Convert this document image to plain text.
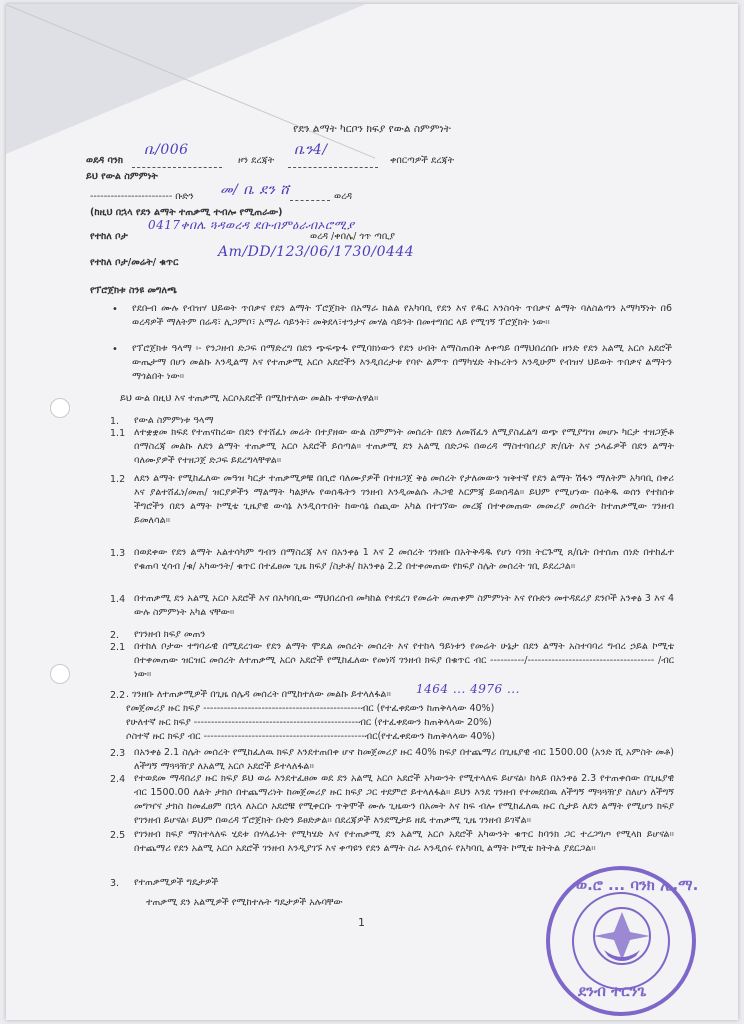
የደን ልማት ካርቦን ክፍያ የውል ስምምነት
ወደዳ ባንክ
ቤ/006
ዞን ደረጃት
ቤን4/
ቀበርጣዎች ደረጃት
ይህ የውል ስምምነት
------------------------ ቡድን መ/ ቤ ደን ሸ	ወረዳ
(ከዚህ በኋላ የደን ልማት ተጠቃሚ ተብሎ የሚጠራው)
የተከለ ቦታ
0417ቀበሌ ጓዳወረዳ ደቡብምዕራብኦሮሚያ
ወረዳ /ቀበሌ/ ጎጥ ጣቢያ
የተከለ ቦታ/መሬት/ ቁጥር
Am/DD/123/06/1730/0444
የፕሮጀክቱ ስንዩ መግለጫ
• የደቡብ ሙሉ የብዝሃ ህይወት ጥበቃና የደን ልማት ፕሮጀክት በአማራ ክልል የአካባቢ የደን እና የዱር እንስሳት ጥበቃና ልማት ባለስልጣን አማካኝነት በ6 ወረዳዎች ማለትም በሬዳ፣ ሊጋምቦ፣ አማራ ሳይንት፣ መቅደላ፣ተንታና መሃል ሳይንት በመተግበር ላይ የሚገኝ ፕሮጀክት ነው።
• የፕሮጀክቱ ዓላማ ፡- የንጋዘብ ድጋፍ በማድረግ በደን ጭፍጭፋ የሚባክነውን የደን ሀብት ለማስጠበቅ ለቀጣይ በማህበረሰቡ ዘንድ የደን አልሚ አርሶ አደሮች ውጤታማ በሆነ መልኩ እንዲልማ እና የተጠቃሚ አርሶ አደሮችን እንዲበረታቱ የባዮ ልምጥ በማካሄድ ትኩረትን እንዲሁም የብዝሃ ህይወት ጥበቃና ልማትን ማጎልበት ነው።
ይህ ውል በዚህ እና ተጠቃሚ አርሶአደሮች በሚከተለው መልኩ ተዋውለዋል።
1. የውል ስምምነቱ ዓላማ
1.1 ለተቋቋመ ክፍደ የተጠናከረው በደን የተሸፈነ መሬት በተያዘው ውል ስምምነት መሰረት በደን ለመሸፈን ለሚያስፈልግ ወጭ የሚያግዝ መሆኑ ካርታ ተዘጋጅቶ በማስረጃ መልኩ ለደን ልማት ተጠቃሚ አርሶ አደሮች ይሰጣል። ተጠቃሚ ደን አልሚ በድጋፍ በወረዳ ማስተባበሪያ ጽ/ቤት እና ኃላፊዎች በደን ልማት ባለሙያዎች የተዘጋጀ ድጋፍ ይደረግላቸዋል።
1.2 ለደን ልማት የሚከፈለው መዓዝ ካርታ ተጠቃሚዎቹ በቢሮ ባለሙያዎች በተዘጋጀ ቅፅ መሰረት የታለመውን ዝቅተኛ የደን ልማት ሽፋን ማለትም አካባቢ በቀሪ እና ያልተሸፈነ/መጠ/ ዝርያዎችን ማልማት ካልቻሉ የወሰዱትን ገንዘብ እንዲመልሱ ሕጋዊ እርምጃ ይወሰዳል። ይህም የሚሆነው በዕቅዱ ወሰን የተከሰቱ ችግሮችን በደን ልማት ኮሚቴ ጊዜያዊ ውሳኔ እንዲሰጥበት ከውሳኔ ሰጪው አካል በተገኘው መረጃ በተቀመጠው መመሪያ መሰረት ከተጠቃሚው ገንዘብ ይመለሳል።
1.3 በወደቀው የደን ልማት አልተሳካም ግብን በማስረጃ እና በአንቀፅ 1 እና 2 መሰረት ገንዘቡ በአትቅዳዱ የሆነ ባንክ ትርጉሚ ጸ/ቤት በተሰጠ ሰነድ በተከፈተ የቁጠባ ሂሳብ /ቁ/ አካውንት/ ቁጥር በተፈፀመ ጊዜ ክፍያ /ስታቶ/ ከአንቀፅ 2.2 በተቀመጠው የክፍያ ስሌት መሰረት ገቢ ይደረጋል።
1.4 በተጠቃሚ ደን አልሚ አርሶ አደሮች እና በአካባቢው ማህበረሰብ መካከል የተደረገ የመሬት መጠቀም ስምምነት እና የቡድን መተዳደሪያ ደንቦች አንቀፅ 3 እና 4 ውሉ ስምምነት አካል ናቸው።
2. የገንዘብ ክፍያ መጠን
2.1 በተከለ ቦታው ተግባራዊ በሚደረገው የደን ልማት ሞዴል መሰረት መሰረት እና የተከላ ዓይነቱን የመሬት ሁኔታ በደን ልማት አስተባባሪ ግብረ ኃይል ኮሚቴ በተቀመጠው ዝርዝር መሰረት ለተጠቃሚ አርሶ አደሮች የሚከፈለው የመነሻ ገንዘብ ክፍያ በቁጥር ብር ----------/------------------------------------- /ብር ነው።
2.2 . ገንዘቡ ለተጠቃሚዎች በጊዜ ሰሌዳ መሰረት በሚከተለው መልኩ ይተላለፋል።
የመጀመሪያ ዙር ክፍያ ----------------------------------------------ብር (የተፈቀደውን ከጠቅላላው 40%)
የሁለተኛ ዙር ክፍያ ------------------------------------------------ብር (የተፈቀደውን ከጠቅላላው 20%)
ሶስተኛ ዙር ክፍያ ብር -----------------------------------------------ብር(የተፈቀደውን ከጠቅላላው 40%)
1464 ... 4976 ...
2.3 በአንቀፅ 2.1 ስሌት መሰረት የሚከፈለዉ ክፍያ እንደተጠበቀ ሆኖ ከመጀመሪያ ዙር 40% ክፍያ በተጨማሪ በጊዜያዊ ብር 1500.00 (አንድ ሺ አምስት መቶ) ለችግኝ ማጓጓዥያ ለአልሚ አርሶ አደሮች ይተላለፋል።
2.4 የተወደመ ማዳበሪያ ዙር ክፍያ ይህ ወሬ እንደተፈፀመ ወደ ደን አልሚ አርሶ አደሮች አካውንት የሚተላለፍ ይሆናል፡ ከላይ በአንቀፅ 2.3 የተጠቀሰው በጊዜያዊ ብር 1500.00 ለልት ታክሶ በተጨማሪነት ከመጀመሪያ ዙር ክፍያ ጋር ተደምሮ ይተላለፋል። ይህን እንደ ገንዘብ የተመደበዉ ለችግኝ ማጓጓዥያ ስለሆነ ለችግኝ መግዣና ታክስ ከመፈፀም በኋላ ለአርሶ አደሮቹ የሚቀርቡ ጥቅሞች ሙሉ ጊዜውን በአመት እና ከፍ ብሎ የሚከፈለዉ ዙር ሲታይ ለደን ልማት የሚሆን ክፍያ የገንዘብ ይሆናል፡ ይህም በወረዳ ፕሮጀክት ቡድን ይፀድቃል። በደረጃዎች እንደሚታይ ዘዴ ተጠቃሚ ጊዜ ገንዘብ ይገኛል።
2.5 የገንዘብ ክፍያ ማስተላለፍ ሂደቱ በሃላፊነት የሚካሄድ እና የተጠቃሚ ደን አልሚ አርሶ አደሮች አካውንት ቁጥር ከባንክ ጋር ተረጋግጦ የሚላክ ይሆናል። በተጨማሪ የደን አልሚ አርሶ አደሮች ገንዘብ እንዲያገኙ እና ቀጣዩን የደን ልማት ስራ እንዲሰሩ የአካባቢ ልማት ኮሚቴ ክትትል ያደርጋል።
3. የተጠቃሚዎች ግዴታዎች
ተጠቃሚ ደን አልሚዎች የሚከተሉት ግዴታዎች አሉባቸው
1
ወ.ሮ ... ባንክ ኢ.ማ.
ደንብ ተርንጌ
